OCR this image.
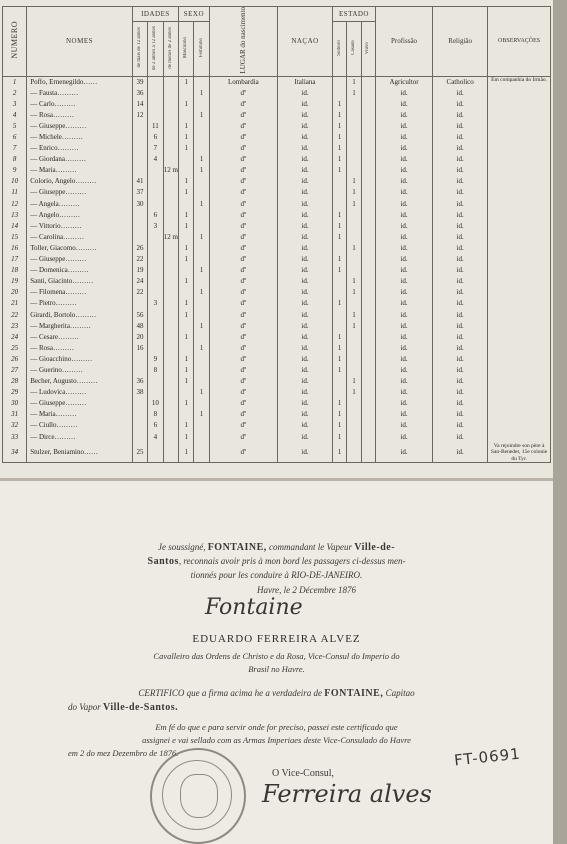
NUMERO	NOMES	IDADES			SEXO		LUGAR do nascimento	NAÇAO	ESTADO			Profissão	Religião	OBSERVAÇÕES
		de mais de 12 annos	de 2 annos a 12 annos	de menos de 2 annos	Masculino	Feminino			Solteiro	Casado	Viuvo			
1	Poffo, Ernenegildo……	39			1		Lombardia	Italiana		1		Agricultor	Catholico	Em companhia do Irmão.
2	— Fausta………	36				1	dº	id.		1		id.	id.	
3	— Carlo………	14			1		dº	id.	1			id.	id.	
4	— Rosa………	12				1	dº	id.	1			id.	id.	
5	— Giuseppe………		11		1		dº	id.	1			id.	id.	
6	— Michele………		6		1		dº	id.	1			id.	id.	
7	— Enrico………		7		1		dº	id.	1			id.	id.	
8	— Giordana………		4			1	dº	id.	1			id.	id.	
9	— Maria………			12 m		1	dº	id.	1			id.	id.	
10	Colorio, Angelo………	41			1		dº	id.		1		id.	id.	
11	— Giuseppe………	37			1		dº	id.		1		id.	id.	
12	— Angela………	30				1	dº	id.		1		id.	id.	
13	— Angelo………		6		1		dº	id.	1			id.	id.	
14	— Vittorio………		3		1		dº	id.	1			id.	id.	
15	— Carolina………			12 m		1	dº	id.	1			id.	id.	
16	Toller, Giacomo………	26			1		dº	id.		1		id.	id.	
17	— Giuseppe………	22			1		dº	id.	1			id.	id.	
18	— Domenica………	19				1	dº	id.	1			id.	id.	
19	Santi, Giacinto………	24			1		dº	id.		1		id.	id.	
20	— Filomena………	22				1	dº	id.		1		id.	id.	
21	— Pietro………		3		1		dº	id.	1			id.	id.	
22	Girardi, Bortolo………	56			1		dº	id.		1		id.	id.	
23	— Margherita………	48				1	dº	id.		1		id.	id.	
24	— Cesare………	20			1		dº	id.	1			id.	id.	
25	— Rosa………	16				1	dº	id.	1			id.	id.	
26	— Gioacchino………		9		1		dº	id.	1			id.	id.	
27	— Guerino………		8		1		dº	id.	1			id.	id.	
28	Becher, Augusto………	36			1		dº	id.		1		id.	id.	
29	— Ludovica………	38				1	dº	id.		1		id.	id.	
30	— Giuseppe………		10		1		dº	id.	1			id.	id.	
31	— Maria………		8			1	dº	id.	1			id.	id.	
32	— Ciullo………		6		1		dº	id.	1			id.	id.	
33	— Dirce………		4		1		dº	id.	1			id.	id.	
34	Stulzer, Beniamino……	25			1		dº	id.	1			id.	id.	Va rejoindre son père à San-Benedet, 15e colonie du Tyr.
Je soussigné, FONTAINE, commandant le Vapeur Ville-de-
Santos, reconnais avoir pris à mon bord les passagers ci-dessus men-
tionnés pour les conduire à RIO-DE-JANEIRO.
Havre, le 2 Décembre 1876
Fontaine
EDUARDO FERREIRA ALVEZ
Cavalleiro das Ordens de Christo e da Rosa, Vice-Consul do Imperio do
Brasil no Havre.
CERTIFICO que a firma acima he a verdadeira de FONTAINE, Capitao
do Vapor Ville-de-Santos.
Em fé do que e para servir onde for preciso, passei este certificado que
assignei e vai sellado com as Armas Imperiaes deste Vice-Consulado do Havre
em 2 do mez Dezembro de 1876.
O Vice-Consul,
Ferreira alves
FT-0691
